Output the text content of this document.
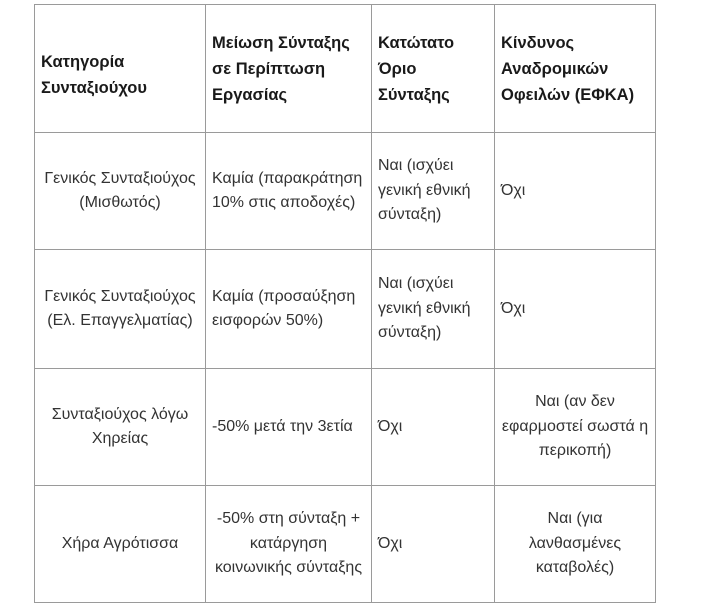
Κατηγορία Συνταξιούχου	Μείωση Σύνταξης σε Περίπτωση Εργασίας	Κατώτατο Όριο Σύνταξης	Κίνδυνος Αναδρομικών Οφειλών (ΕΦΚΑ)
Γενικός Συνταξιούχος (Μισθωτός)	Καμία (παρακράτηση 10% στις αποδοχές)	Ναι (ισχύει γενική εθνική σύνταξη)	Όχι
Γενικός Συνταξιούχος (Ελ. Επαγγελματίας)	Καμία (προσαύξηση εισφορών 50%)	Ναι (ισχύει γενική εθνική σύνταξη)	Όχι
Συνταξιούχος λόγω Χηρείας	-50% μετά την 3ετία	Όχι	Ναι (αν δεν εφαρμοστεί σωστά η περικοπή)
Χήρα Αγρότισσα	-50% στη σύνταξη + κατάργηση κοινωνικής σύνταξης	Όχι	Ναι (για λανθασμένες καταβολές)
